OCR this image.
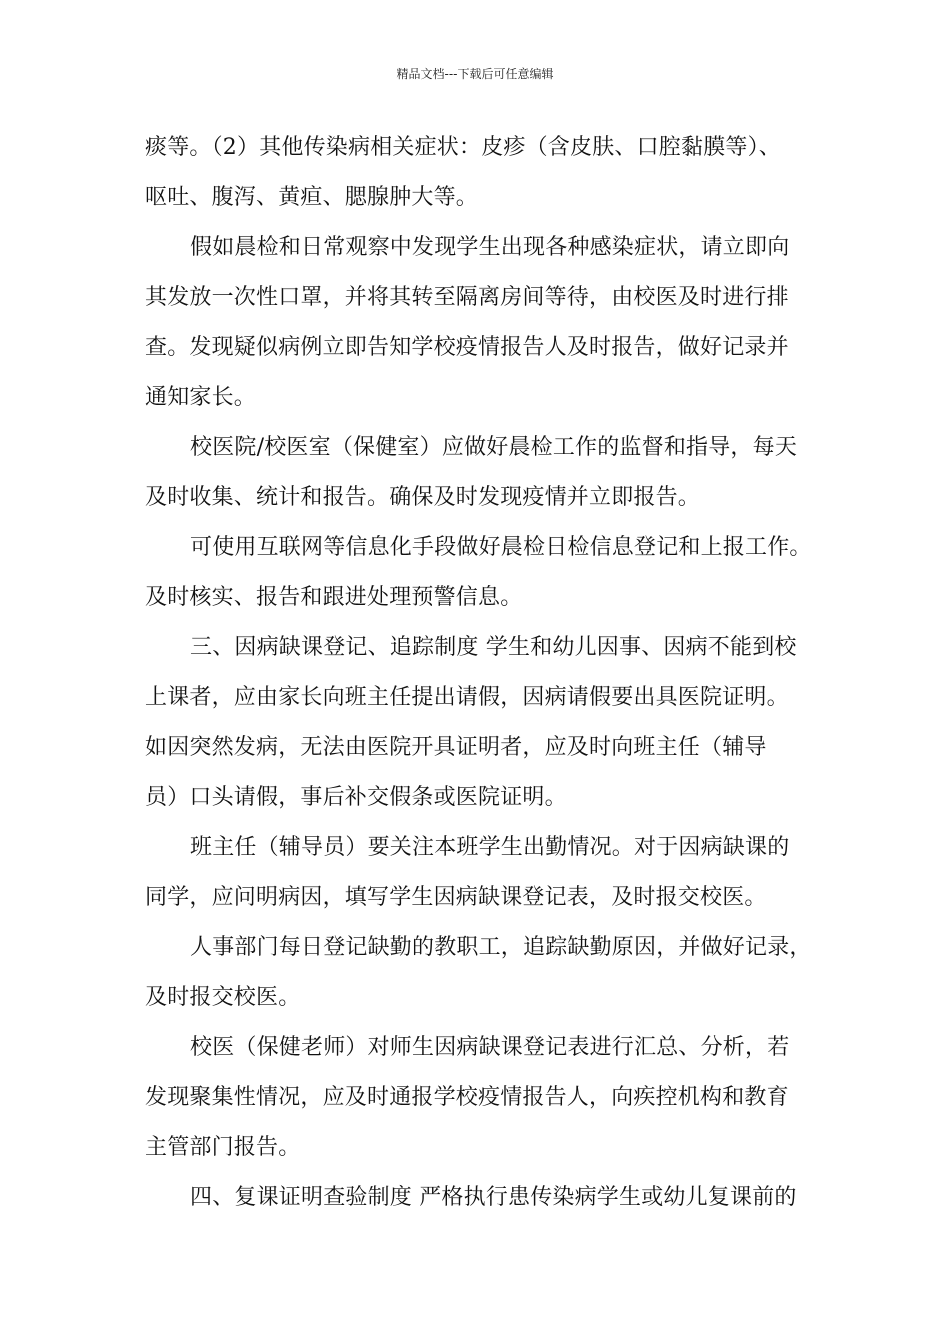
精品文档---下载后可任意编辑
痰等。（2）其他传染病相关症状：皮疹（含皮肤、口腔黏膜等）、
呕吐、腹泻、黄疸、腮腺肿大等。
假如晨检和日常观察中发现学生出现各种感染症状，请立即向
其发放一次性口罩，并将其转至隔离房间等待，由校医及时进行排
查。发现疑似病例立即告知学校疫情报告人及时报告，做好记录并
通知家长。
校医院/校医室（保健室）应做好晨检工作的监督和指导，每天
及时收集、统计和报告。确保及时发现疫情并立即报告。
可使用互联网等信息化手段做好晨检日检信息登记和上报工作。
及时核实、报告和跟进处理预警信息。
三、因病缺课登记、追踪制度 学生和幼儿因事、因病不能到校
上课者，应由家长向班主任提出请假，因病请假要出具医院证明。
如因突然发病，无法由医院开具证明者，应及时向班主任（辅导
员）口头请假，事后补交假条或医院证明。
班主任（辅导员）要关注本班学生出勤情况。对于因病缺课的
同学，应问明病因，填写学生因病缺课登记表，及时报交校医。
人事部门每日登记缺勤的教职工，追踪缺勤原因，并做好记录，
及时报交校医。
校医（保健老师）对师生因病缺课登记表进行汇总、分析，若
发现聚集性情况，应及时通报学校疫情报告人，向疾控机构和教育
主管部门报告。
四、复课证明查验制度 严格执行患传染病学生或幼儿复课前的
